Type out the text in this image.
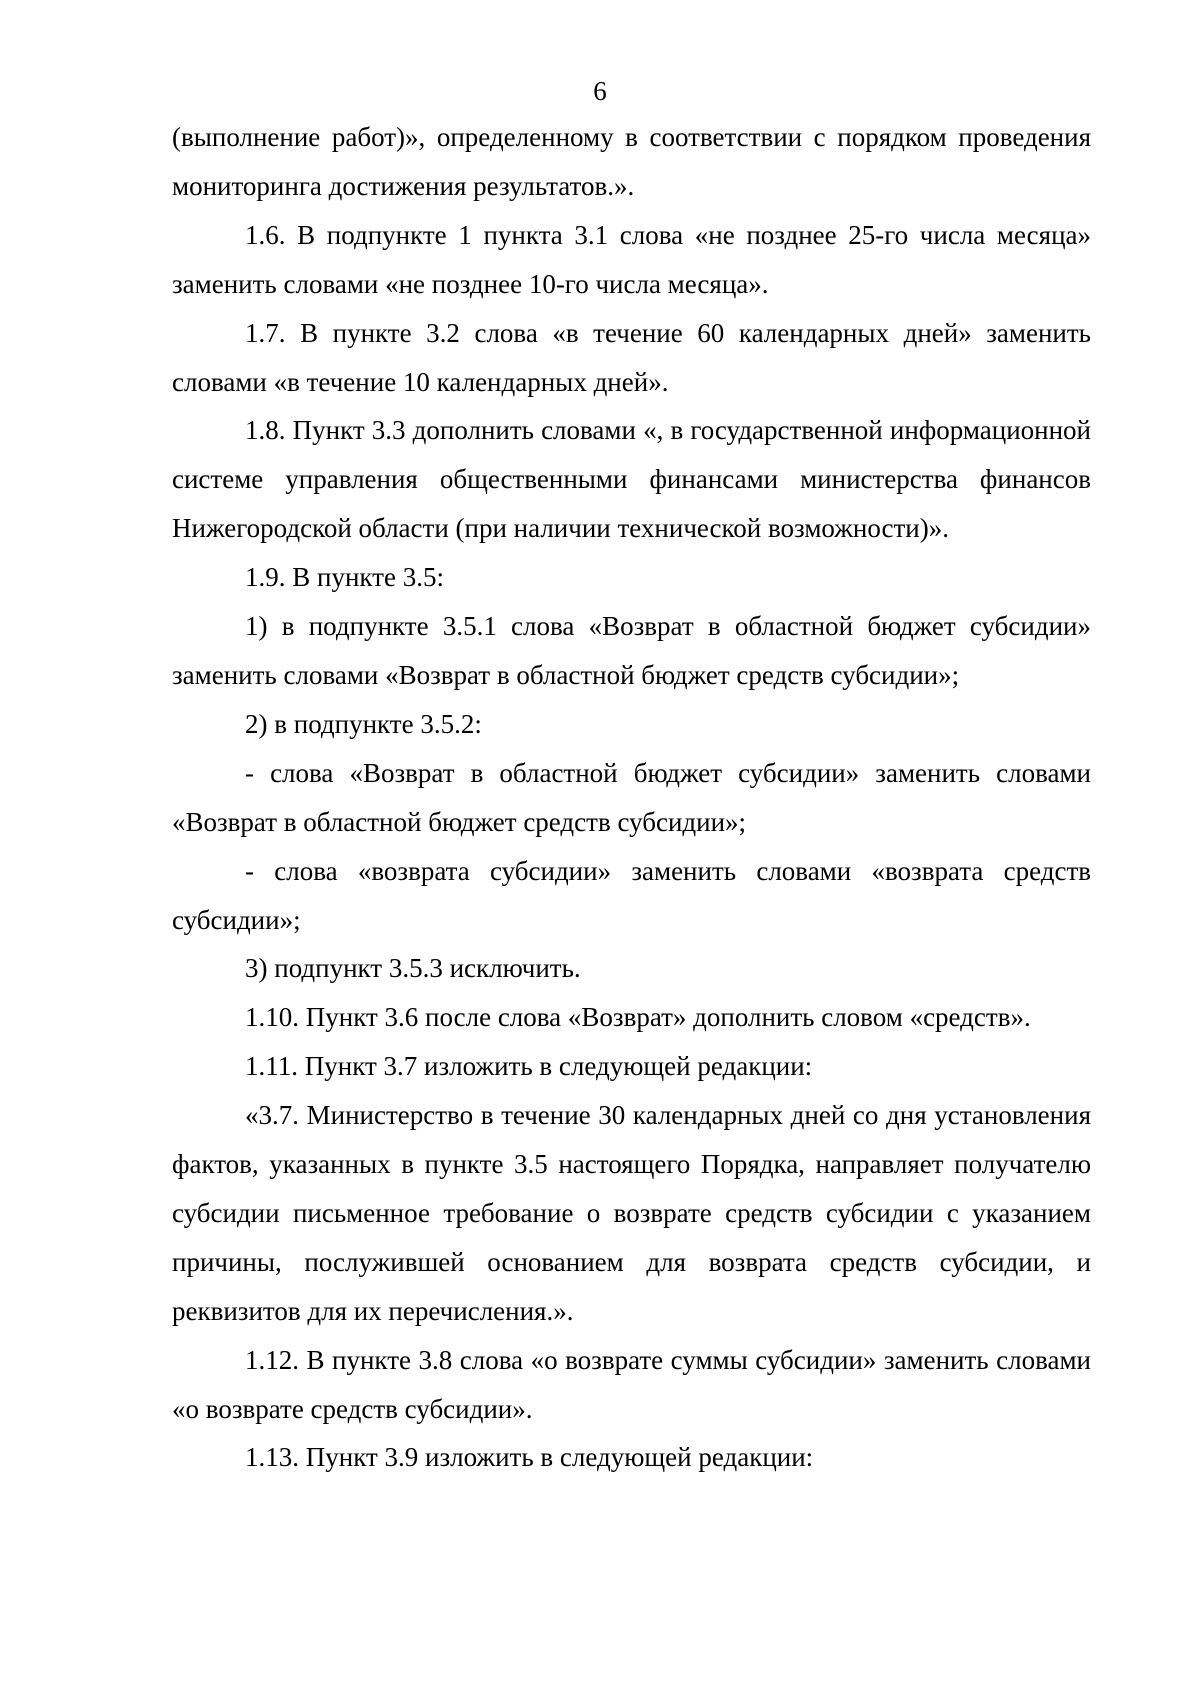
6

(выполнение работ)», определенному в соответствии с порядком проведения мониторинга достижения результатов.».

1.6. В подпункте 1 пункта 3.1 слова «не позднее 25-го числа месяца» заменить словами «не позднее 10-го числа месяца».

1.7. В пункте 3.2 слова «в течение 60 календарных дней» заменить словами «в течение 10 календарных дней».

1.8. Пункт 3.3 дополнить словами «, в государственной информационной системе управления общественными финансами министерства финансов Нижегородской области (при наличии технической возможности)».

1.9. В пункте 3.5:

1) в подпункте 3.5.1 слова «Возврат в областной бюджет субсидии» заменить словами «Возврат в областной бюджет средств субсидии»;

2) в подпункте 3.5.2:

- слова «Возврат в областной бюджет субсидии» заменить словами «Возврат в областной бюджет средств субсидии»;

- слова «возврата субсидии» заменить словами «возврата средств субсидии»;

3) подпункт 3.5.3 исключить.

1.10. Пункт 3.6 после слова «Возврат» дополнить словом «средств».

1.11. Пункт 3.7 изложить в следующей редакции:

«3.7. Министерство в течение 30 календарных дней со дня установления фактов, указанных в пункте 3.5 настоящего Порядка, направляет получателю субсидии письменное требование о возврате средств субсидии с указанием причины, послужившей основанием для возврата средств субсидии, и реквизитов для их перечисления.».

1.12. В пункте 3.8 слова «о возврате суммы субсидии» заменить словами «о возврате средств субсидии».

1.13. Пункт 3.9 изложить в следующей редакции:
